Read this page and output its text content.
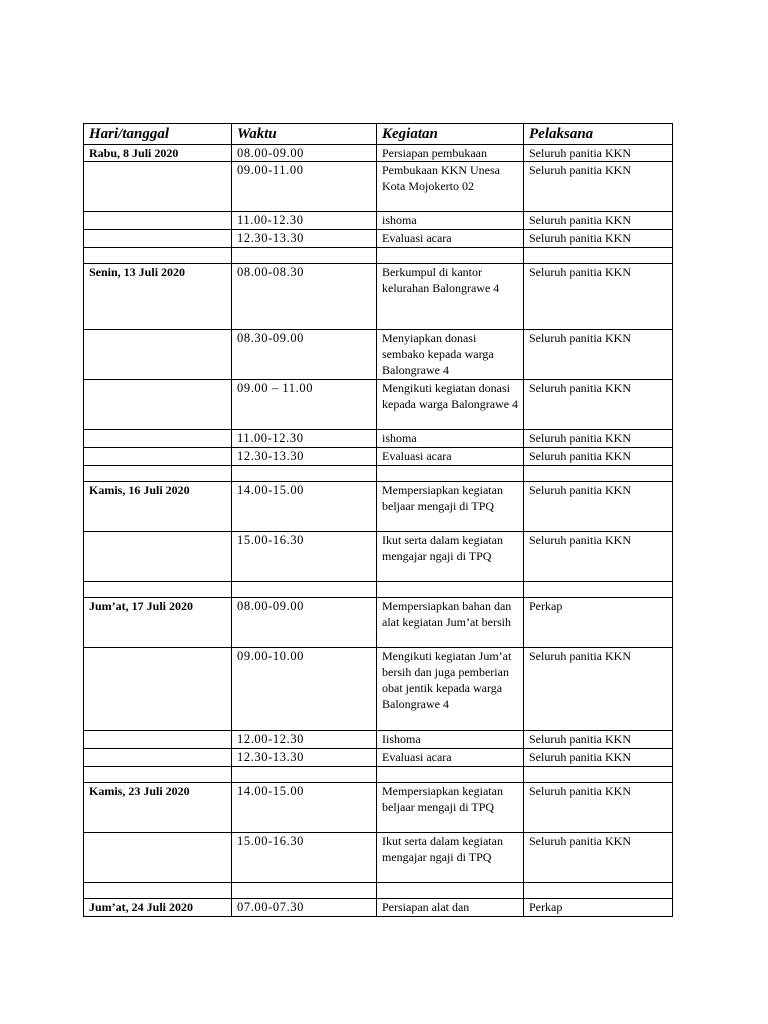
Hari/tanggal	Waktu	Kegiatan	Pelaksana
Rabu, 8 Juli 2020	08.00-09.00	Persiapan pembukaan	Seluruh panitia KKN
	09.00-11.00	Pembukaan KKN Unesa Kota Mojokerto 02	Seluruh panitia KKN
	11.00-12.30	ishoma	Seluruh panitia KKN
	12.30-13.30	Evaluasi acara	Seluruh panitia KKN

Senin, 13 Juli 2020	08.00-08.30	Berkumpul di kantor kelurahan Balongrawe 4	Seluruh panitia KKN
	08.30-09.00	Menyiapkan donasi sembako kepada warga Balongrawe 4	Seluruh panitia KKN
	09.00 – 11.00	Mengikuti kegiatan donasi kepada warga Balongrawe 4	Seluruh panitia KKN
	11.00-12.30	ishoma	Seluruh panitia KKN
	12.30-13.30	Evaluasi acara	Seluruh panitia KKN

Kamis, 16 Juli 2020	14.00-15.00	Mempersiapkan kegiatan beljaar mengaji di TPQ	Seluruh panitia KKN
	15.00-16.30	Ikut serta dalam kegiatan mengajar ngaji di TPQ	Seluruh panitia KKN

Jum’at, 17 Juli 2020	08.00-09.00	Mempersiapkan bahan dan alat kegiatan Jum’at bersih	Perkap
	09.00-10.00	Mengikuti kegiatan Jum’at bersih dan juga pemberian obat jentik kepada warga Balongrawe 4	Seluruh panitia KKN
	12.00-12.30	Iishoma	Seluruh panitia KKN
	12.30-13.30	Evaluasi acara	Seluruh panitia KKN

Kamis, 23 Juli 2020	14.00-15.00	Mempersiapkan kegiatan beljaar mengaji di TPQ	Seluruh panitia KKN
	15.00-16.30	Ikut serta dalam kegiatan mengajar ngaji di TPQ	Seluruh panitia KKN

Jum’at, 24 Juli 2020	07.00-07.30	Persiapan alat dan	Perkap
